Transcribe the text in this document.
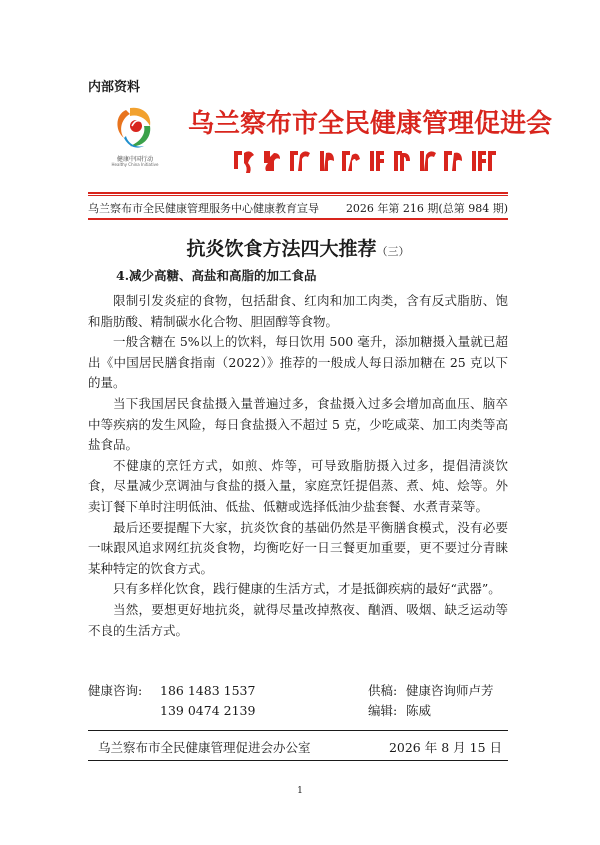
内部资料
健康中国行动
Healthy China Initiative
乌兰察布市全民健康管理促进会
乌兰察布市全民健康管理服务中心健康教育宣导 2026 年第 216 期(总第 984 期)
抗炎饮食方法四大推荐（三）
4.减少高糖、高盐和高脂的加工食品

限制引发炎症的食物，包括甜食、红肉和加工肉类，含有反式脂肪、饱和脂肪酸、精制碳水化合物、胆固醇等食物。

一般含糖在 5%以上的饮料，每日饮用 500 毫升，添加糖摄入量就已超出《中国居民膳食指南（2022）》推荐的一般成人每日添加糖在 25 克以下的量。

当下我国居民食盐摄入量普遍过多，食盐摄入过多会增加高血压、脑卒中等疾病的发生风险，每日食盐摄入不超过 5 克，少吃咸菜、加工肉类等高盐食品。

不健康的烹饪方式，如煎、炸等，可导致脂肪摄入过多，提倡清淡饮食，尽量减少烹调油与食盐的摄入量，家庭烹饪提倡蒸、煮、炖、烩等。外卖订餐下单时注明低油、低盐、低糖或选择低油少盐套餐、水煮青菜等。

最后还要提醒下大家，抗炎饮食的基础仍然是平衡膳食模式，没有必要一味跟风追求网红抗炎食物，均衡吃好一日三餐更加重要，更不要过分青睐某种特定的饮食方式。

只有多样化饮食，践行健康的生活方式，才是抵御疾病的最好“武器”。

当然，要想更好地抗炎，就得尽量改掉熬夜、酗酒、吸烟、缺乏运动等不良的生活方式。

健康咨询: 186 1483 1537	供稿: 健康咨询师卢芳
139 0474 2139	编辑: 陈威
乌兰察布市全民健康管理促进会办公室	2026 年 8 月 15 日
1
